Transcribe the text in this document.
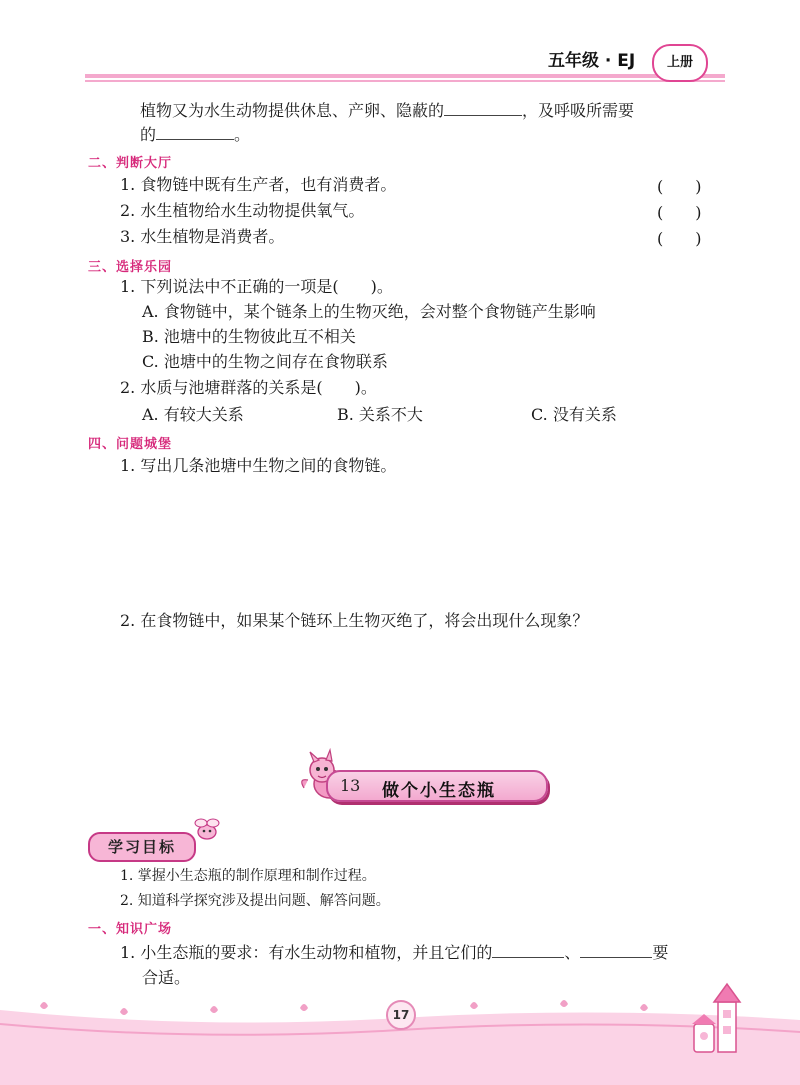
五年级 · EJ	上册
植物又为水生动物提供休息、产卵、隐蔽的	，及呼吸所需要
的	。
二、判断大厅
1. 食物链中既有生产者，也有消费者。	(　　)
2. 水生植物给水生动物提供氧气。	(　　)
3. 水生植物是消费者。	(　　)
三、选择乐园
1. 下列说法中不正确的一项是(　　)。
A. 食物链中，某个链条上的生物灭绝，会对整个食物链产生影响
B. 池塘中的生物彼此互不相关
C. 池塘中的生物之间存在食物联系
2. 水质与池塘群落的关系是(　　)。
A. 有较大关系	B. 关系不大	C. 没有关系
四、问题城堡
1. 写出几条池塘中生物之间的食物链。
2. 在食物链中，如果某个链环上生物灭绝了，将会出现什么现象？
13 做个小生态瓶
学习目标
1. 掌握小生态瓶的制作原理和制作过程。
2. 知道科学探究涉及提出问题、解答问题。
一、知识广场
1. 小生态瓶的要求：有水生动物和植物，并且它们的	、	要
合适。
17
